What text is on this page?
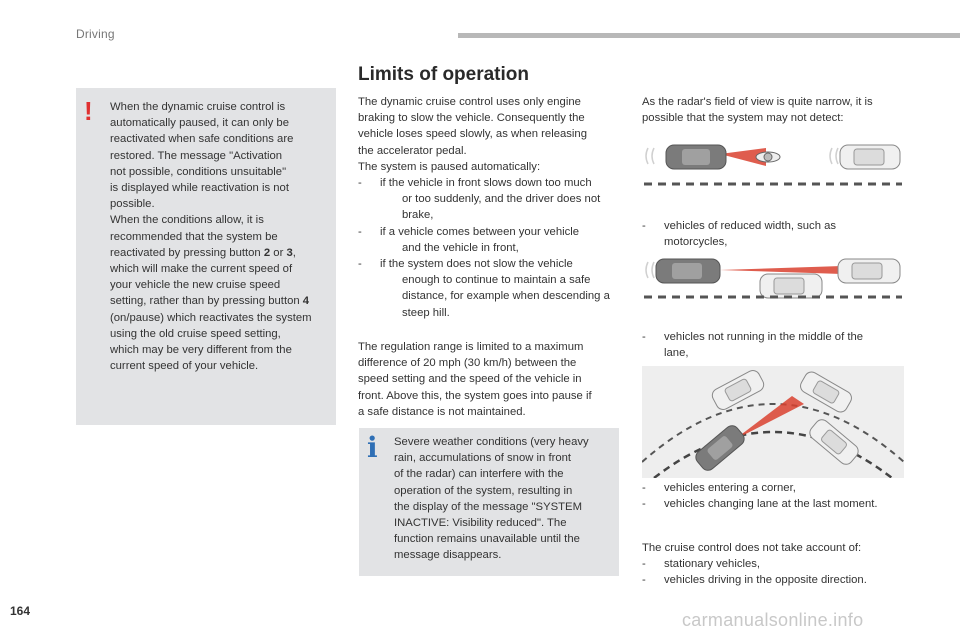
Driving
Limits of operation
! When the dynamic cruise control is
automatically paused, it can only be
reactivated when safe conditions are
restored. The message "Activation
not possible, conditions unsuitable"
is displayed while reactivation is not
possible.
When the conditions allow, it is
recommended that the system be
reactivated by pressing button 2 or 3,
which will make the current speed of
your vehicle the new cruise speed
setting, rather than by pressing button 4
(on/pause) which reactivates the system
using the old cruise speed setting,
which may be very different from the
current speed of your vehicle.

The dynamic cruise control uses only engine

braking to slow the vehicle. Consequently the

vehicle loses speed slowly, as when releasing

the accelerator pedal.

The system is paused automatically:

- if the vehicle in front slows down too much
or too suddenly, and the driver does not
brake,
- if a vehicle comes between your vehicle
and the vehicle in front,
- if the system does not slow the vehicle
enough to continue to maintain a safe
distance, for example when descending a
steep hill.

The regulation range is limited to a maximum

difference of 20 mph (30 km/h) between the

speed setting and the speed of the vehicle in

front. Above this, the system goes into pause if

a safe distance is not maintained.

i Severe weather conditions (very heavy
rain, accumulations of snow in front
of the radar) can interfere with the
operation of the system, resulting in
the display of the message "SYSTEM
INACTIVE: Visibility reduced". The
function remains unavailable until the
message disappears.

As the radar's field of view is quite narrow, it is

possible that the system may not detect:

- vehicles of reduced width, such as
motorcycles,
- vehicles not running in the middle of the
lane,
- vehicles entering a corner,
- vehicles changing lane at the last moment.

The cruise control does not take account of:

- stationary vehicles,
- vehicles driving in the opposite direction.
164	carmanualsonline.info
